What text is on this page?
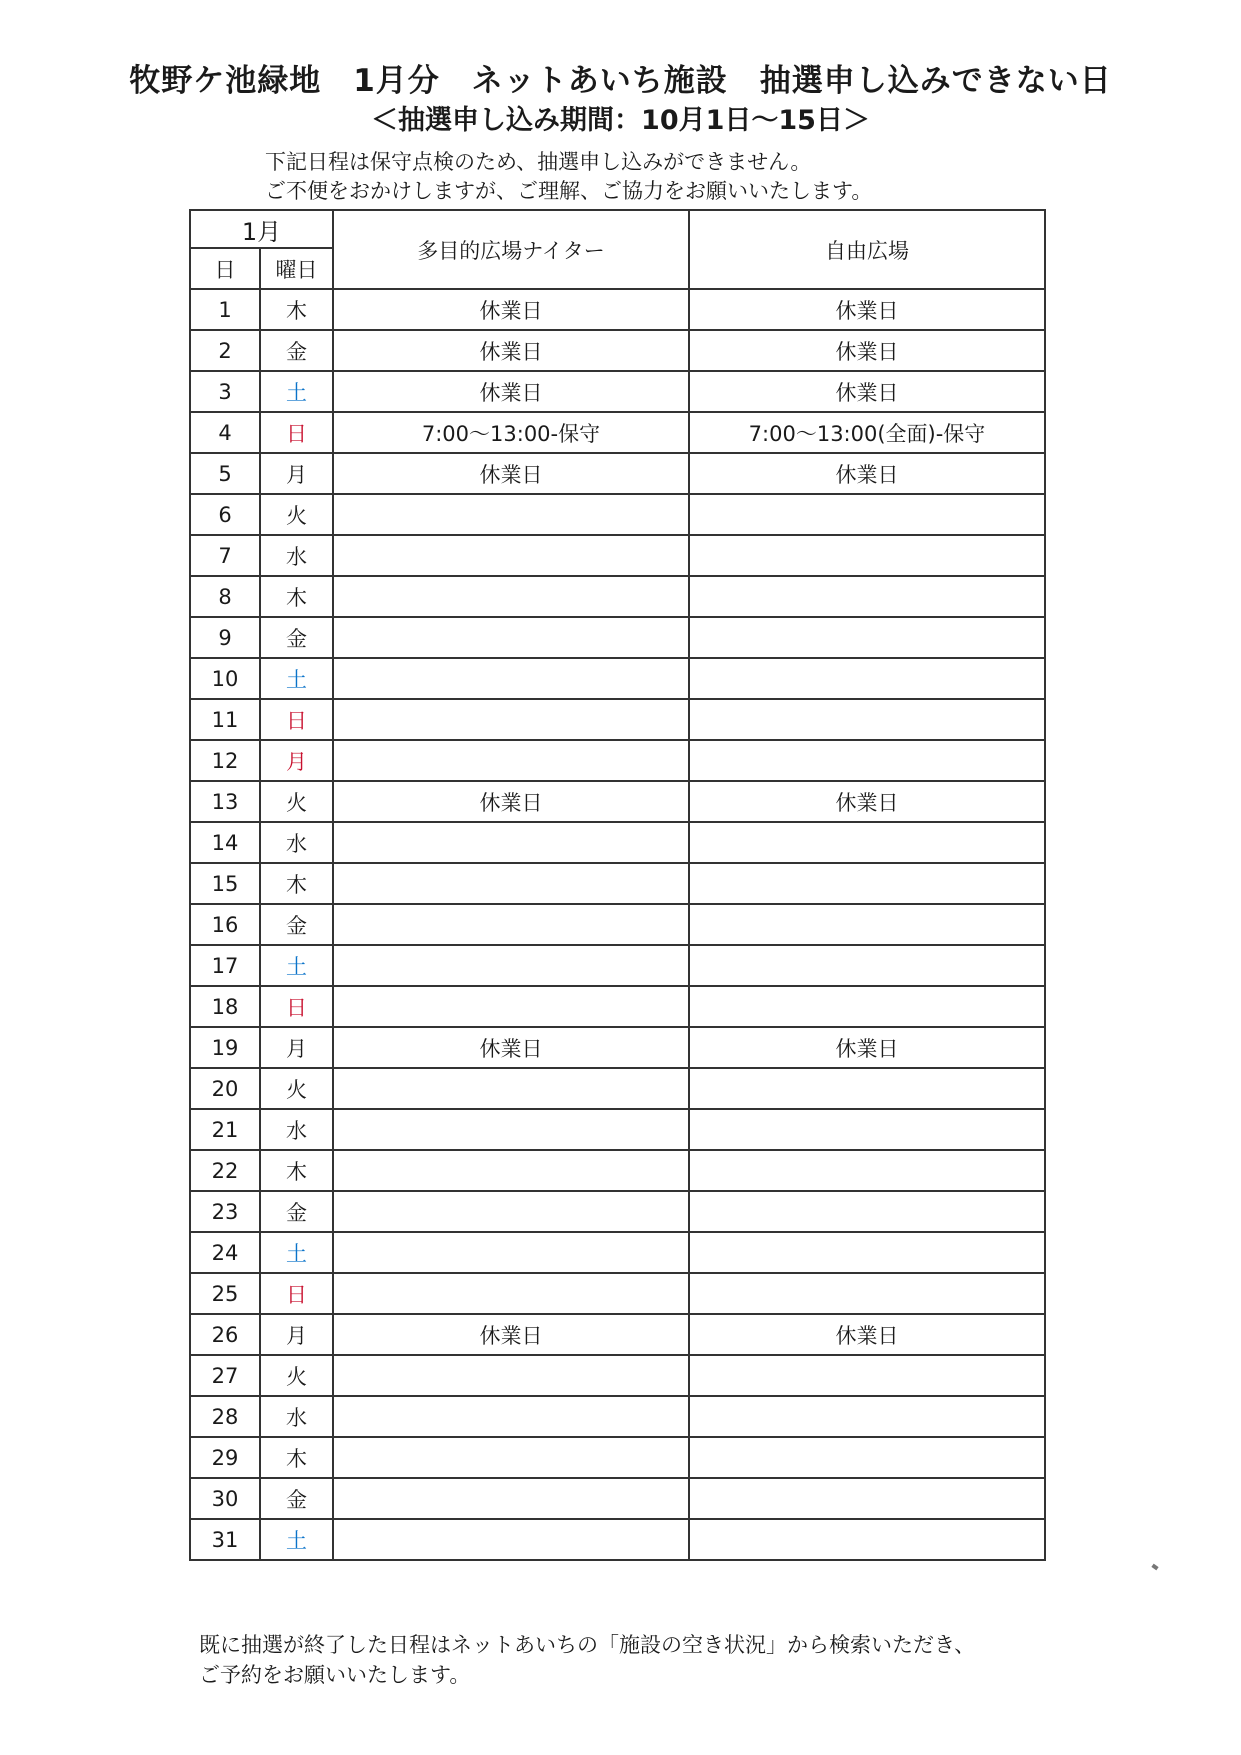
牧野ケ池緑地　1月分　ネットあいち施設　抽選申し込みできない日
＜抽選申し込み期間：10月1日～15日＞
下記日程は保守点検のため、抽選申し込みができません。
ご不便をおかけしますが、ご理解、ご協力をお願いいたします。
1月		多目的広場ナイター	自由広場
日	曜日		
1	木	休業日	休業日
2	金	休業日	休業日
3	土	休業日	休業日
4	日	7:00～13:00-保守	7:00～13:00(全面)-保守
5	月	休業日	休業日
6	火		
7	水		
8	木		
9	金		
10	土		
11	日		
12	月		
13	火	休業日	休業日
14	水		
15	木		
16	金		
17	土		
18	日		
19	月	休業日	休業日
20	火		
21	水		
22	木		
23	金		
24	土		
25	日		
26	月	休業日	休業日
27	火		
28	水		
29	木		
30	金		
31	土		
既に抽選が終了した日程はネットあいちの「施設の空き状況」から検索いただき、
ご予約をお願いいたします。
